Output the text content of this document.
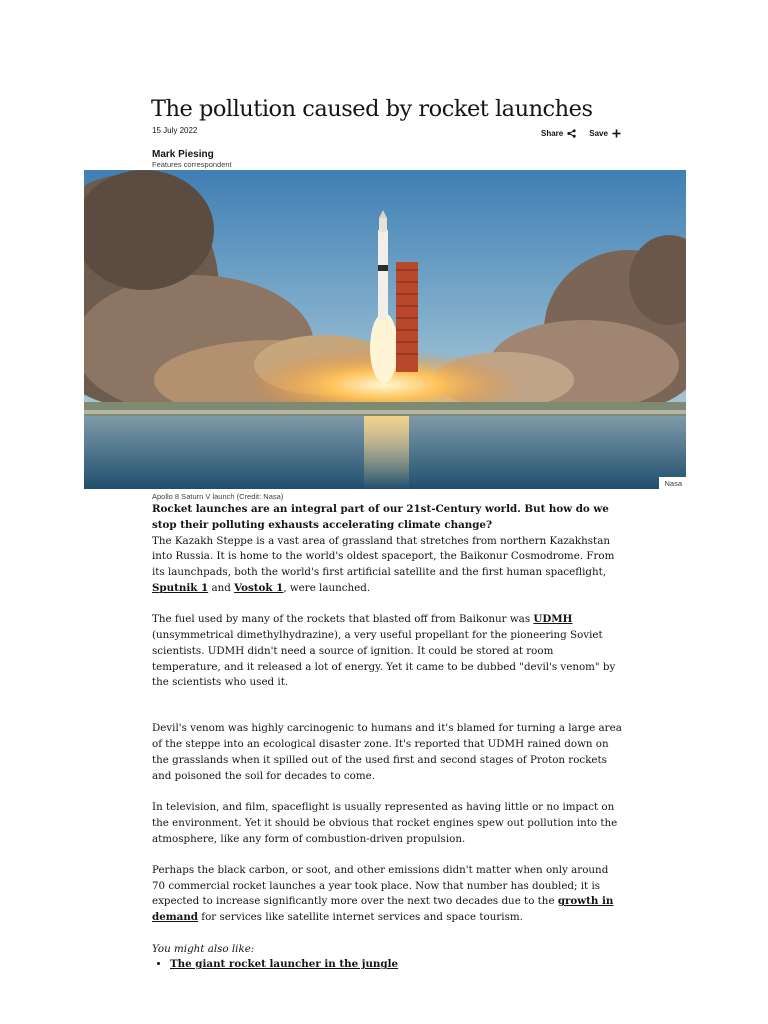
The pollution caused by rocket launches
15 July 2022	Share	Save
Mark Piesing
Features correspondent
Nasa
Apollo 8 Saturn V launch (Credit: Nasa)

Rocket launches are an integral part of our 21st-Century world. But how do we stop their polluting exhausts accelerating climate change?

The Kazakh Steppe is a vast area of grassland that stretches from northern Kazakhstan into Russia. It is home to the world's oldest spaceport, the Baikonur Cosmodrome. From its launchpads, both the world's first artificial satellite and the first human spaceflight, Sputnik 1 and Vostok 1, were launched.

The fuel used by many of the rockets that blasted off from Baikonur was UDMH (unsymmetrical dimethylhydrazine), a very useful propellant for the pioneering Soviet scientists. UDMH didn't need a source of ignition. It could be stored at room temperature, and it released a lot of energy. Yet it came to be dubbed "devil's venom" by the scientists who used it.

Devil's venom was highly carcinogenic to humans and it's blamed for turning a large area of the steppe into an ecological disaster zone. It's reported that UDMH rained down on the grasslands when it spilled out of the used first and second stages of Proton rockets and poisoned the soil for decades to come.

In television, and film, spaceflight is usually represented as having little or no impact on the environment. Yet it should be obvious that rocket engines spew out pollution into the atmosphere, like any form of combustion-driven propulsion.

Perhaps the black carbon, or soot, and other emissions didn't matter when only around 70 commercial rocket launches a year took place. Now that number has doubled; it is expected to increase significantly more over the next two decades due to the growth in demand for services like satellite internet services and space tourism.

You might also like:

• The giant rocket launcher in the jungle
